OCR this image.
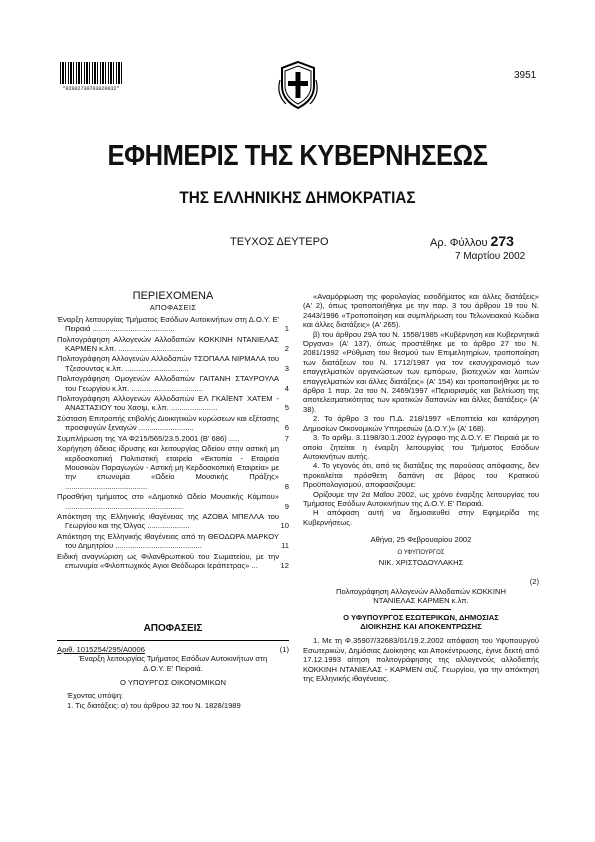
*02002730703020032*
3951
ΕΦΗΜΕΡΙΣ ΤΗΣ ΚΥΒΕΡΝΗΣΕΩΣ
ΤΗΣ ΕΛΛΗΝΙΚΗΣ ΔΗΜΟΚΡΑΤΙΑΣ
ΤΕΥΧΟΣ ΔΕΥΤΕΡΟ	Αρ. Φύλλου 273
7 Μαρτίου 2002
ΠΕΡΙΕΧΟΜΕΝΑ
ΑΠΟΦΑΣΕΙΣ
Έναρξη λειτουργίας Τμήματος Εσόδων Αυτοκινήτων στη Δ.Ο.Υ. Ε' Πειραιά .......................................	1
Πολιτογράφηση Αλλογενών Αλλοδαπών ΚΟΚΚΙΝΗ ΝΤΑΝΙΕΛΑΣ ΚΑΡΜΕΝ κ.λπ. ...............................	2
Πολιτογράφηση Αλλογενών Αλλοδαπών ΤΣΟΠΑΛΑ ΝΙΡΜΑΛΑ του Τζεσουντας κ.λπ. ..............................	3
Πολιτογράφηση Ομογενών Αλλοδαπών ΓΑΙΤΑΝΗ ΣΤΑΥΡΟΥΛΑ του Γεωργίου κ.λπ. ..................................	4
Πολιτογράφηση Αλλογενών Αλλοδαπών ΕΛ ΓΚΑΪΕΝΤ ΧΑΤΕΜ - ΑΝΑΣΤΑΣΙΟΥ του Χασιμ, κ.λπ. ......................	5
Σύσταση Επιτροπής ετιβολής Διοικητικών κυρώσεων και εξέτασης προσφυγών ξεναγών ..........................	6
Συμπλήρωση της ΥΑ Φ215/565/23.5.2001 (Β' 686) .....	7
Χορήγηση άδειας ίδρυσης και λειτουργίας Ωδείου στην αστική μη κερδοσκοπική Πολιτιστική εταιρεία «Εκτοπία - Εταιρεία Μουσικών Παραγωγών - Αστική μη Κερδοσκοπική Εταιρεία» με την επωνυμία «Ωδείο Μουσικής Πράξης» .......................................	8
Προσθήκη τμήματος στο «Δημοτικό Ωδείο Μουσικής Κάμπου» ........................................................	9
Απόκτηση της Ελληνικής ιθαγένειας της ΑΖΟΒΑ ΜΠΕΛΛΑ του Γεωργίου και της Όλγας ....................	10
Απόκτηση της Ελληνικής ιθαγένειας από τη ΘΕΟΔΩΡΑ ΜΑΡΚΟΥ του Δημητρίου .........................................	11
Ειδική αναγνώριση ως Φιλανθρωπικού του Σωματείου, με την επωνυμία «Φιλοπτωχικός Αγιοι Θεόδωροι Ιεράπετρας» ...	12
ΑΠΟΦΑΣΕΙΣ
Αριθ. 1015254/295/Α0006	(1)

Έναρξη λειτουργίας Τμήματος Εσόδων Αυτοκινήτων στη Δ.Ο.Υ. Ε' Πειραιά.

Ο ΥΠΟΥΡΓΟΣ ΟΙΚΟΝΟΜΙΚΩΝ

Έχοντας υπόψη:

1. Τις διατάξεις: α) του άρθρου 32 του Ν. 1828/1989

«Αναμόρφωση της φορολογίας εισοδήματος και άλλες διατάξεις» (Α' 2), όπως τροποποιήθηκε με την παρ. 3 του άρθρου 19 του Ν. 2443/1996 «Τροποποίηση και συμπλήρωση του Τελωνειακού Κώδικα και άλλες διατάξεις» (Α' 265).

β) του άρθρου 29Α του Ν. 1558/1985 «Κυβέρνηση και Κυβερνητικά Όργανα» (Α' 137), όπως προστέθηκε με το άρθρο 27 του Ν. 2081/1992 «Ρύθμιση του θεσμού των Επιμελητηρίων, τροποποίηση των διατάξεων του Ν. 1712/1987 για τον εκσυγχρονισμό των επαγγελματιών οργανώσεων των εμπόρων, βιοτεχνών και λοιπών επαγγελματιών και άλλες διατάξεις» (Α' 154) και τροποποιήθηκε με το άρθρο 1 παρ. 2α του Ν. 2469/1997 «Περιορισμός και βελτίωση της αποτελεσματικότητας των κρατικών δαπανών και άλλες διατάξεις» (Α' 38).

2. Το άρθρο 3 του Π.Δ. 218/1997 «Εποπτεία και κατάργηση Δημοσίων Οικονομικών Υπηρεσιών (Δ.Ο.Υ.)» (Α' 168).

3. Το αριθμ. 3.1198/30.1.2002 έγγραφο της Δ.Ο.Υ. Ε' Πειραιά με το οποίο ζητείται η έναρξη λειτουργίας του Τμήματος Εσόδων Αυτοκινήτων αυτής.

4. Το γεγονός ότι, από τις διατάξεις της παρούσας απόφασης, δεν προκαλείται πρόσθετη δαπάνη σε βάρος του Κρατικού Προϋπολογισμού, αποφασίζουμε:

Ορίζουμε την 2α Μαΐου 2002, ως χρόνο έναρξης λειτουργίας του Τμήματος Εσόδων Αυτοκινήτων της Δ.Ο.Υ. Ε' Πειραιά.

Η απόφαση αυτή να δημοσιευθεί στην Εφημερίδα της Κυβερνήσεως.

Αθήνα, 25 Φεβρουαρίου 2002

Ο ΥΦΥΠΟΥΡΓΟΣ

ΝΙΚ. ΧΡΙΣΤΟΔΟΥΛΑΚΗΣ

(2)

Πολιτογράφηση Αλλογενών Αλλοδαπών ΚΟΚΚΙΝΗ ΝΤΑΝΙΕΛΑΣ ΚΑΡΜΕΝ κ.λπ.

Ο ΥΦΥΠΟΥΡΓΟΣ ΕΣΩΤΕΡΙΚΩΝ, ΔΗΜΟΣΙΑΣ ΔΙΟΙΚΗΣΗΣ ΚΑΙ ΑΠΟΚΕΝΤΡΩΣΗΣ

1. Με τη Φ.35907/32683/01/19.2.2002 απόφαση του Υφυπουργού Εσωτερικών, Δημόσιας Διοίκησης και Αποκέντρωσης, έγινε δεκτή από 17.12.1993 αίτηση πολιτογράφησης της αλλογενούς αλλοδαπής ΚΟΚΚΙΝΗ ΝΤΑΝΙΕΛΑΣ - ΚΑΡΜΕΝ συζ. Γεωργίου, για την απόκτηση της Ελληνικής ιθαγένειας.
